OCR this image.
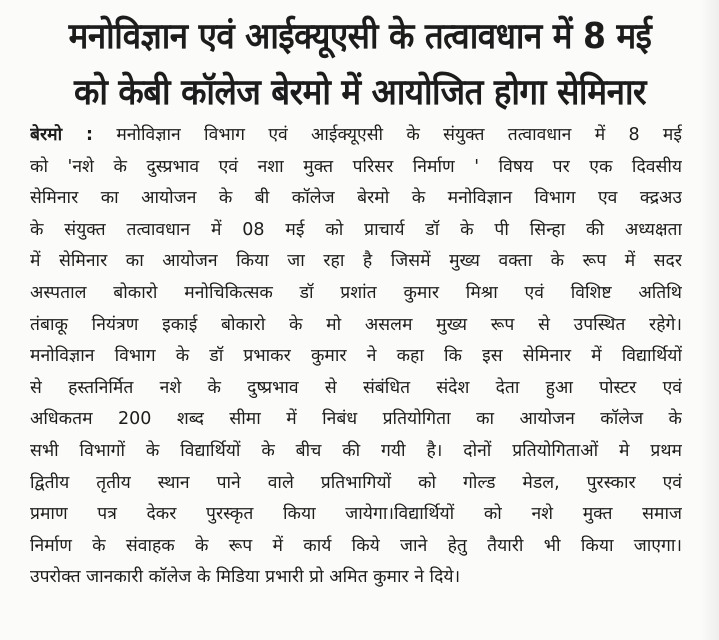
मनोविज्ञान एवं आईक्यूएसी के तत्वावधान में 8 मई
को केबी कॉलेज बेरमो में आयोजित होगा सेमिनार
बेरमो : मनोविज्ञान विभाग एवं आईक्यूएसी के संयुक्त तत्वावधान में 8 मई
को 'नशे के दुस्प्रभाव एवं नशा मुक्त परिसर निर्माण ' विषय पर एक दिवसीय
सेमिनार का आयोजन के बी कॉलेज बेरमो के मनोविज्ञान विभाग एव क्द्रअउ
के संयुक्त तत्वावधान में 08 मई को प्राचार्य डॉ के पी सिन्हा की अध्यक्षता
में सेमिनार का आयोजन किया जा रहा है जिसमें मुख्य वक्ता के रूप में सदर
अस्पताल बोकारो मनोचिकित्सक डॉ प्रशांत कुमार मिश्रा एवं विशिष्ट अतिथि
तंबाकू नियंत्रण इकाई बोकारो के मो असलम मुख्य रूप से उपस्थित रहेगे।
मनोविज्ञान विभाग के डॉ प्रभाकर कुमार ने कहा कि इस सेमिनार में विद्यार्थियों
से हस्तनिर्मित नशे के दुष्प्रभाव से संबंधित संदेश देता हुआ पोस्टर एवं
अधिकतम 200 शब्द सीमा में निबंध प्रतियोगिता का आयोजन कॉलेज के
सभी विभागों के विद्यार्थियों के बीच की गयी है। दोनों प्रतियोगिताओं मे प्रथम
द्वितीय तृतीय स्थान पाने वाले प्रतिभागियों को गोल्ड मेडल, पुरस्कार एवं
प्रमाण पत्र देकर पुरस्कृत किया जायेगा।विद्यार्थियों को नशे मुक्त समाज
निर्माण के संवाहक के रूप में कार्य किये जाने हेतु तैयारी भी किया जाएगा।
उपरोक्त जानकारी कॉलेज के मिडिया प्रभारी प्रो अमित कुमार ने दिये।
